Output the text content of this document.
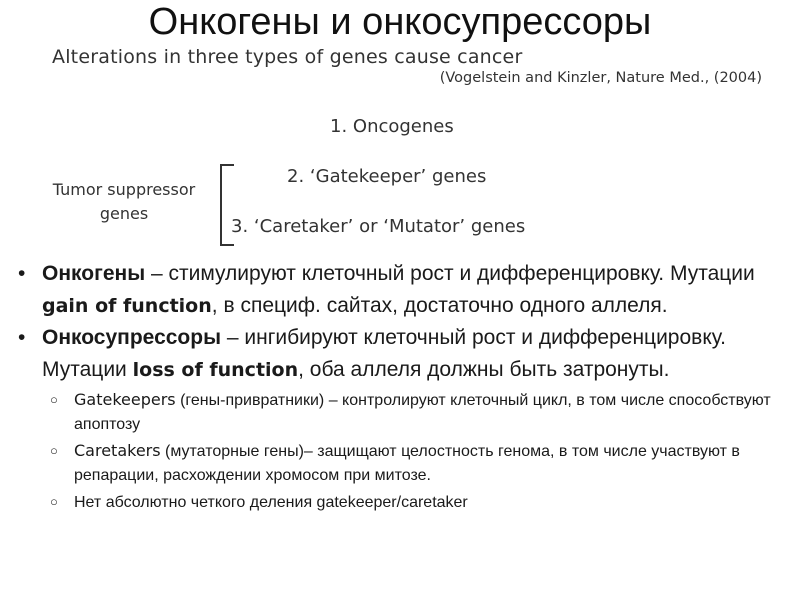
Онкогены и онкосупрессоры
Alterations in three types of genes cause cancer
(Vogelstein and Kinzler, Nature Med., (2004)
1. Oncogenes
2. ‘Gatekeeper’ genes
3. ‘Caretaker’ or ‘Mutator’ genes
Tumor suppressor
genes
• Онкогены – стимулируют клеточный рост и дифференцировку. Мутации gain of function, в специф. сайтах, достаточно одного аллеля.
• Онкосупрессоры – ингибируют клеточный рост и дифференцировку. Мутации loss of function, оба аллеля должны быть затронуты.
○ Gatekeepers (гены-привратники) – контролируют клеточный цикл, в том числе способствуют апоптозу
○ Caretakers (мутаторные гены)– защищают целостность генома, в том числе участвуют в репарации, расхождении хромосом при митозе.
○ Нет абсолютно четкого деления gatekeeper/caretaker
